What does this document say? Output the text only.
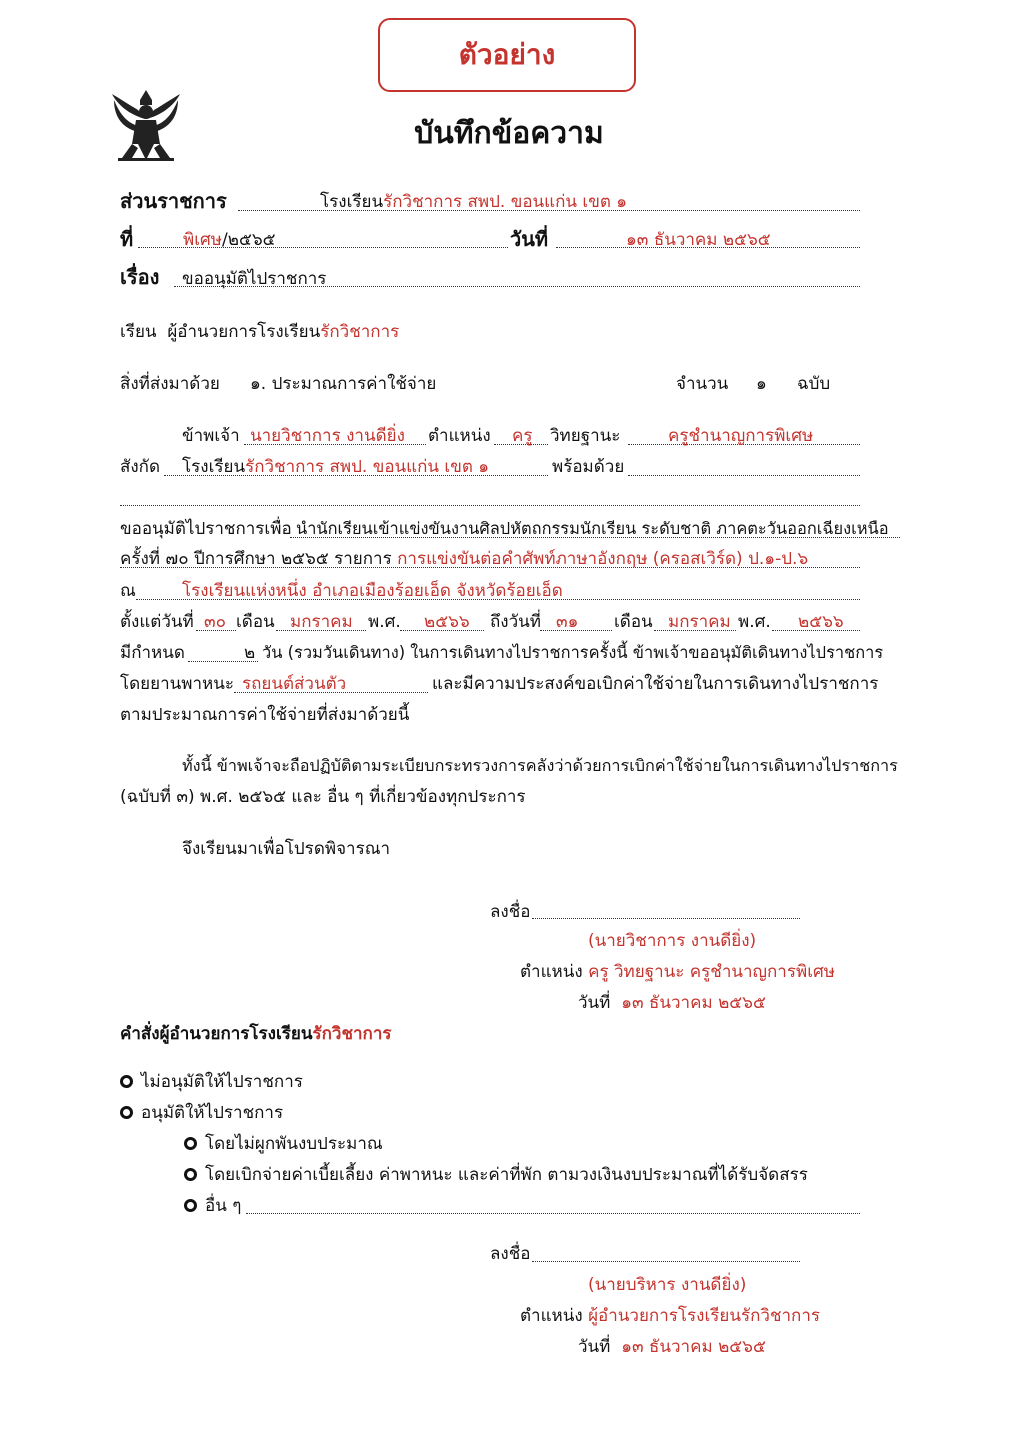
ตัวอย่าง
บันทึกข้อความ
ส่วนราชการ	โรงเรียนรักวิชาการ สพป. ขอนแก่น เขต ๑
ที่	พิเศษ/๒๕๖๕	วันที่	๑๓ ธันวาคม ๒๕๖๕
เรื่อง ขออนุมัติไปราชการ
เรียน ผู้อำนวยการโรงเรียนรักวิชาการ
สิ่งที่ส่งมาด้วย ๑. ประมาณการค่าใช้จ่าย	จำนวน ๑ ฉบับ
ข้าพเจ้า นายวิชาการ งานดียิ่ง ตำแหน่ง ครู วิทยฐานะ	ครูชำนาญการพิเศษ
สังกัด โรงเรียนรักวิชาการ สพป. ขอนแก่น เขต ๑	พร้อมด้วย
ขออนุมัติไปราชการเพื่อ นำนักเรียนเข้าแข่งขันงานศิลปหัตถกรรมนักเรียน ระดับชาติ ภาคตะวันออกเฉียงเหนือ
ครั้งที่ ๗๐ ปีการศึกษา ๒๕๖๕ รายการ การแข่งขันต่อคำศัพท์ภาษาอังกฤษ (ครอสเวิร์ด) ป.๑-ป.๖
ณ	โรงเรียนแห่งหนึ่ง อำเภอเมืองร้อยเอ็ด จังหวัดร้อยเอ็ด
ตั้งแต่วันที่ ๓๐ เดือน มกราคม พ.ศ. ๒๕๖๖ ถึงวันที่ ๓๑ เดือน มกราคม พ.ศ. ๒๕๖๖
มีกำหนด	๒ วัน (รวมวันเดินทาง) ในการเดินทางไปราชการครั้งนี้ ข้าพเจ้าขออนุมัติเดินทางไปราชการ
โดยยานพาหนะ รถยนต์ส่วนตัว	และมีความประสงค์ขอเบิกค่าใช้จ่ายในการเดินทางไปราชการ
ตามประมาณการค่าใช้จ่ายที่ส่งมาด้วยนี้
ทั้งนี้ ข้าพเจ้าจะถือปฏิบัติตามระเบียบกระทรวงการคลังว่าด้วยการเบิกค่าใช้จ่ายในการเดินทางไปราชการ
(ฉบับที่ ๓) พ.ศ. ๒๕๖๕ และ อื่น ๆ ที่เกี่ยวข้องทุกประการ
จึงเรียนมาเพื่อโปรดพิจารณา
ลงชื่อ
(นายวิชาการ งานดียิ่ง)
ตำแหน่ง ครู วิทยฐานะ ครูชำนาญการพิเศษ
วันที่ ๑๓ ธันวาคม ๒๕๖๕
คำสั่งผู้อำนวยการโรงเรียนรักวิชาการ
ไม่อนุมัติให้ไปราชการ
อนุมัติให้ไปราชการ
โดยไม่ผูกพันงบประมาณ
โดยเบิกจ่ายค่าเบี้ยเลี้ยง ค่าพาหนะ และค่าที่พัก ตามวงเงินงบประมาณที่ได้รับจัดสรร
อื่น ๆ
ลงชื่อ
(นายบริหาร งานดียิ่ง)
ตำแหน่ง ผู้อำนวยการโรงเรียนรักวิชาการ
วันที่ ๑๓ ธันวาคม ๒๕๖๕
